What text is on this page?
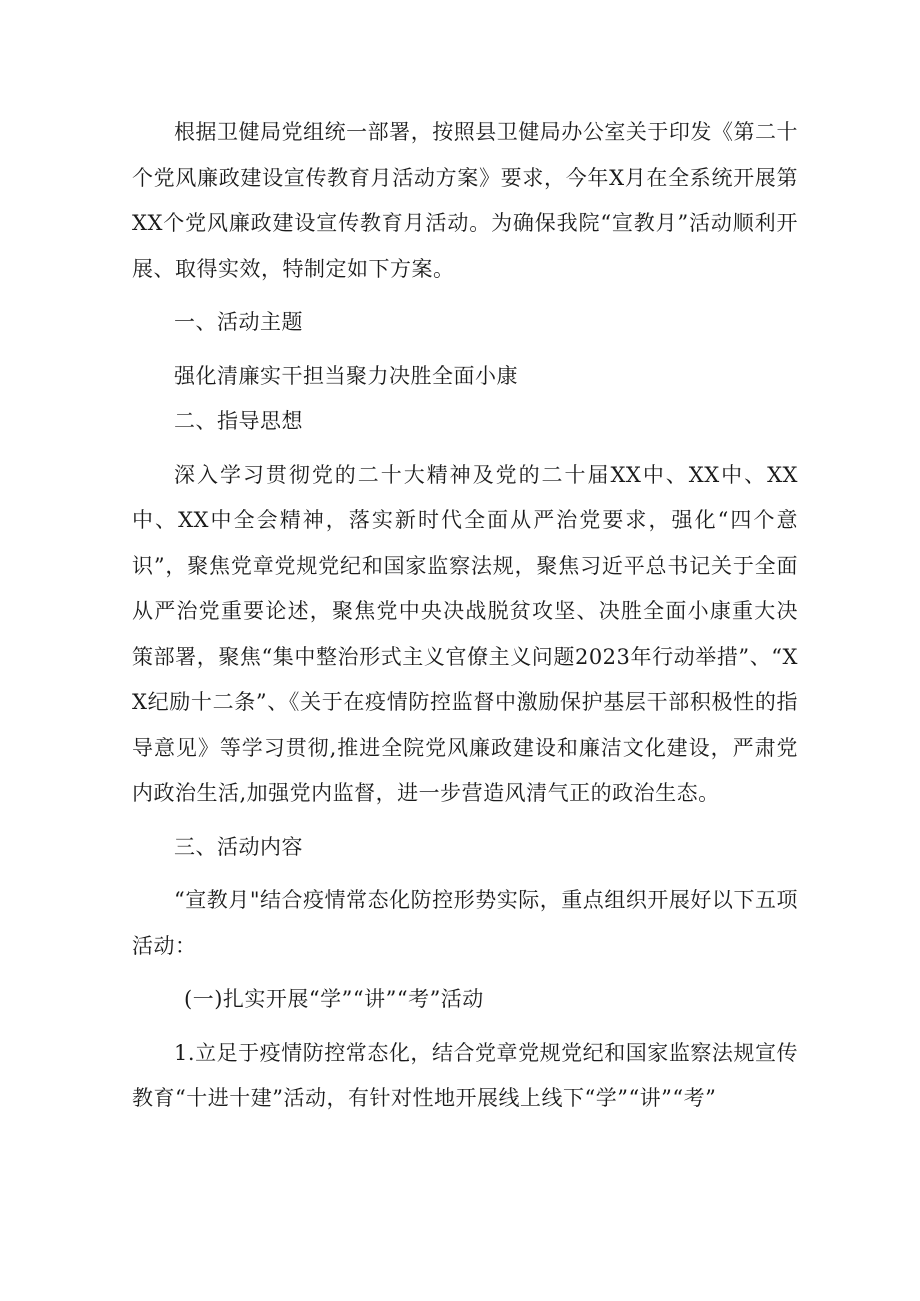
根据卫健局党组统一部署，按照县卫健局办公室关于印发《第二十个党风廉政建设宣传教育月活动方案》要求，今年X月在全系统开展第XX个党风廉政建设宣传教育月活动。为确保我院“宣教月”活动顺利开展、取得实效，特制定如下方案。

一、活动主题

强化清廉实干担当聚力决胜全面小康

二、指导思想

深入学习贯彻党的二十大精神及党的二十届XX中、XX中、XX中、XX中全会精神，落实新时代全面从严治党要求，强化“四个意识”，聚焦党章党规党纪和国家监察法规，聚焦习近平总书记关于全面从严治党重要论述，聚焦党中央决战脱贫攻坚、决胜全面小康重大决策部署，聚焦“集中整治形式主义官僚主义问题2023年行动举措”、“XX纪励十二条”、《关于在疫情防控监督中激励保护基层干部积极性的指导意见》等学习贯彻,推进全院党风廉政建设和廉洁文化建设，严肃党内政治生活,加强党内监督，进一步营造风清气正的政治生态。

三、活动内容

“宣教月"结合疫情常态化防控形势实际，重点组织开展好以下五项活动：

(一)扎实开展“学”“讲”“考”活动

1.立足于疫情防控常态化，结合党章党规党纪和国家监察法规宣传教育“十进十建”活动，有针对性地开展线上线下“学”“讲”“考”
